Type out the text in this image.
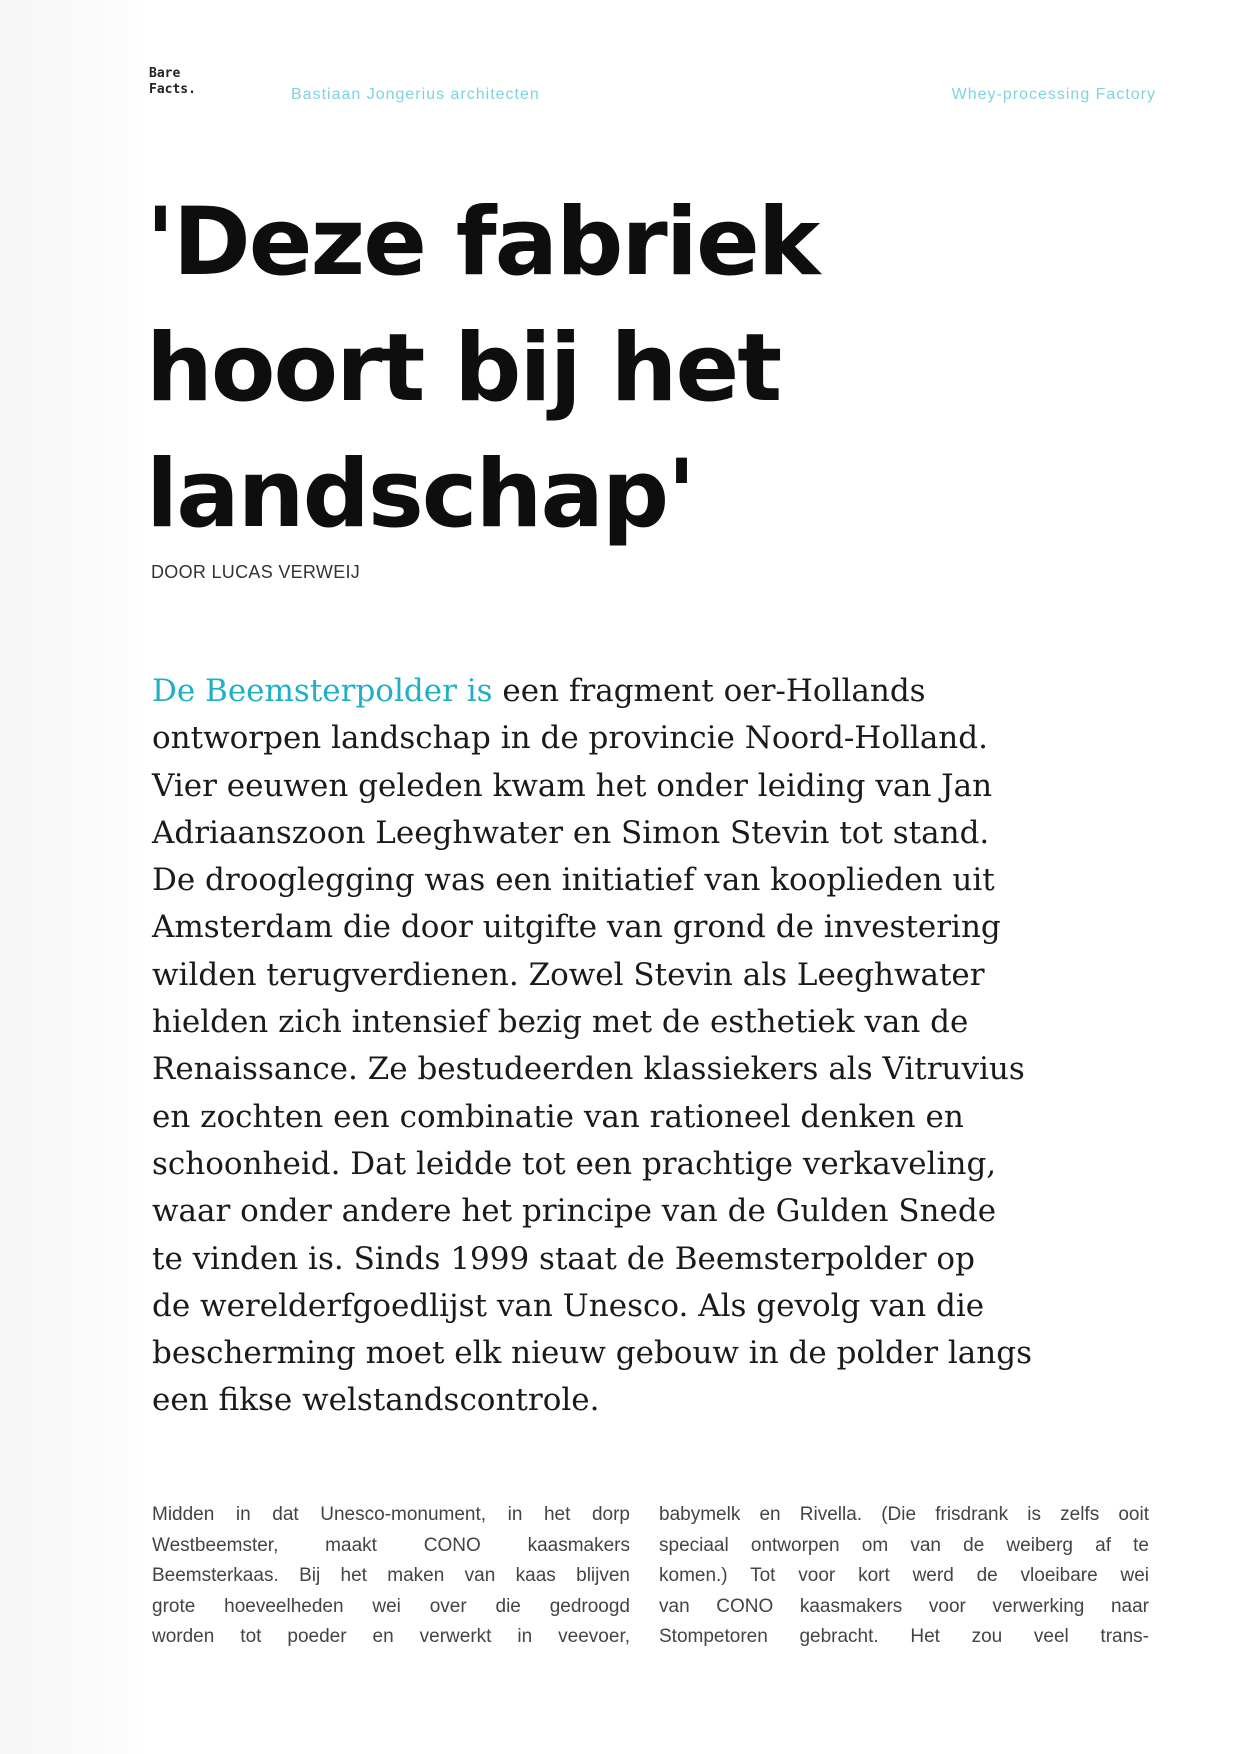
Bare
Facts.	Bastiaan Jongerius architecten	Whey-processing Factory
'Deze fabriek
hoort bij het
landschap'
DOOR LUCAS VERWEIJ
De Beemsterpolder is een fragment oer-Hollands
ontworpen landschap in de provincie Noord-Holland.
Vier eeuwen geleden kwam het onder leiding van Jan
Adriaanszoon Leeghwater en Simon Stevin tot stand.
De drooglegging was een initiatief van kooplieden uit
Amsterdam die door uitgifte van grond de investering
wilden terugverdienen. Zowel Stevin als Leeghwater
hielden zich intensief bezig met de esthetiek van de
Renaissance. Ze bestudeerden klassiekers als Vitruvius
en zochten een combinatie van rationeel denken en
schoonheid. Dat leidde tot een prachtige verkaveling,
waar onder andere het principe van de Gulden Snede
te vinden is. Sinds 1999 staat de Beemsterpolder op
de werelderfgoedlijst van Unesco. Als gevolg van die
bescherming moet elk nieuw gebouw in de polder langs
een fikse welstandscontrole.
Midden in dat Unesco-monument, in het dorp
Westbeemster, maakt CONO kaasmakers
Beemsterkaas. Bij het maken van kaas blijven
grote hoeveelheden wei over die gedroogd
worden tot poeder en verwerkt in veevoer,
babymelk en Rivella. (Die frisdrank is zelfs ooit
speciaal ontworpen om van de weiberg af te
komen.) Tot voor kort werd de vloeibare wei
van CONO kaasmakers voor verwerking naar
Stompetoren gebracht. Het zou veel trans-
